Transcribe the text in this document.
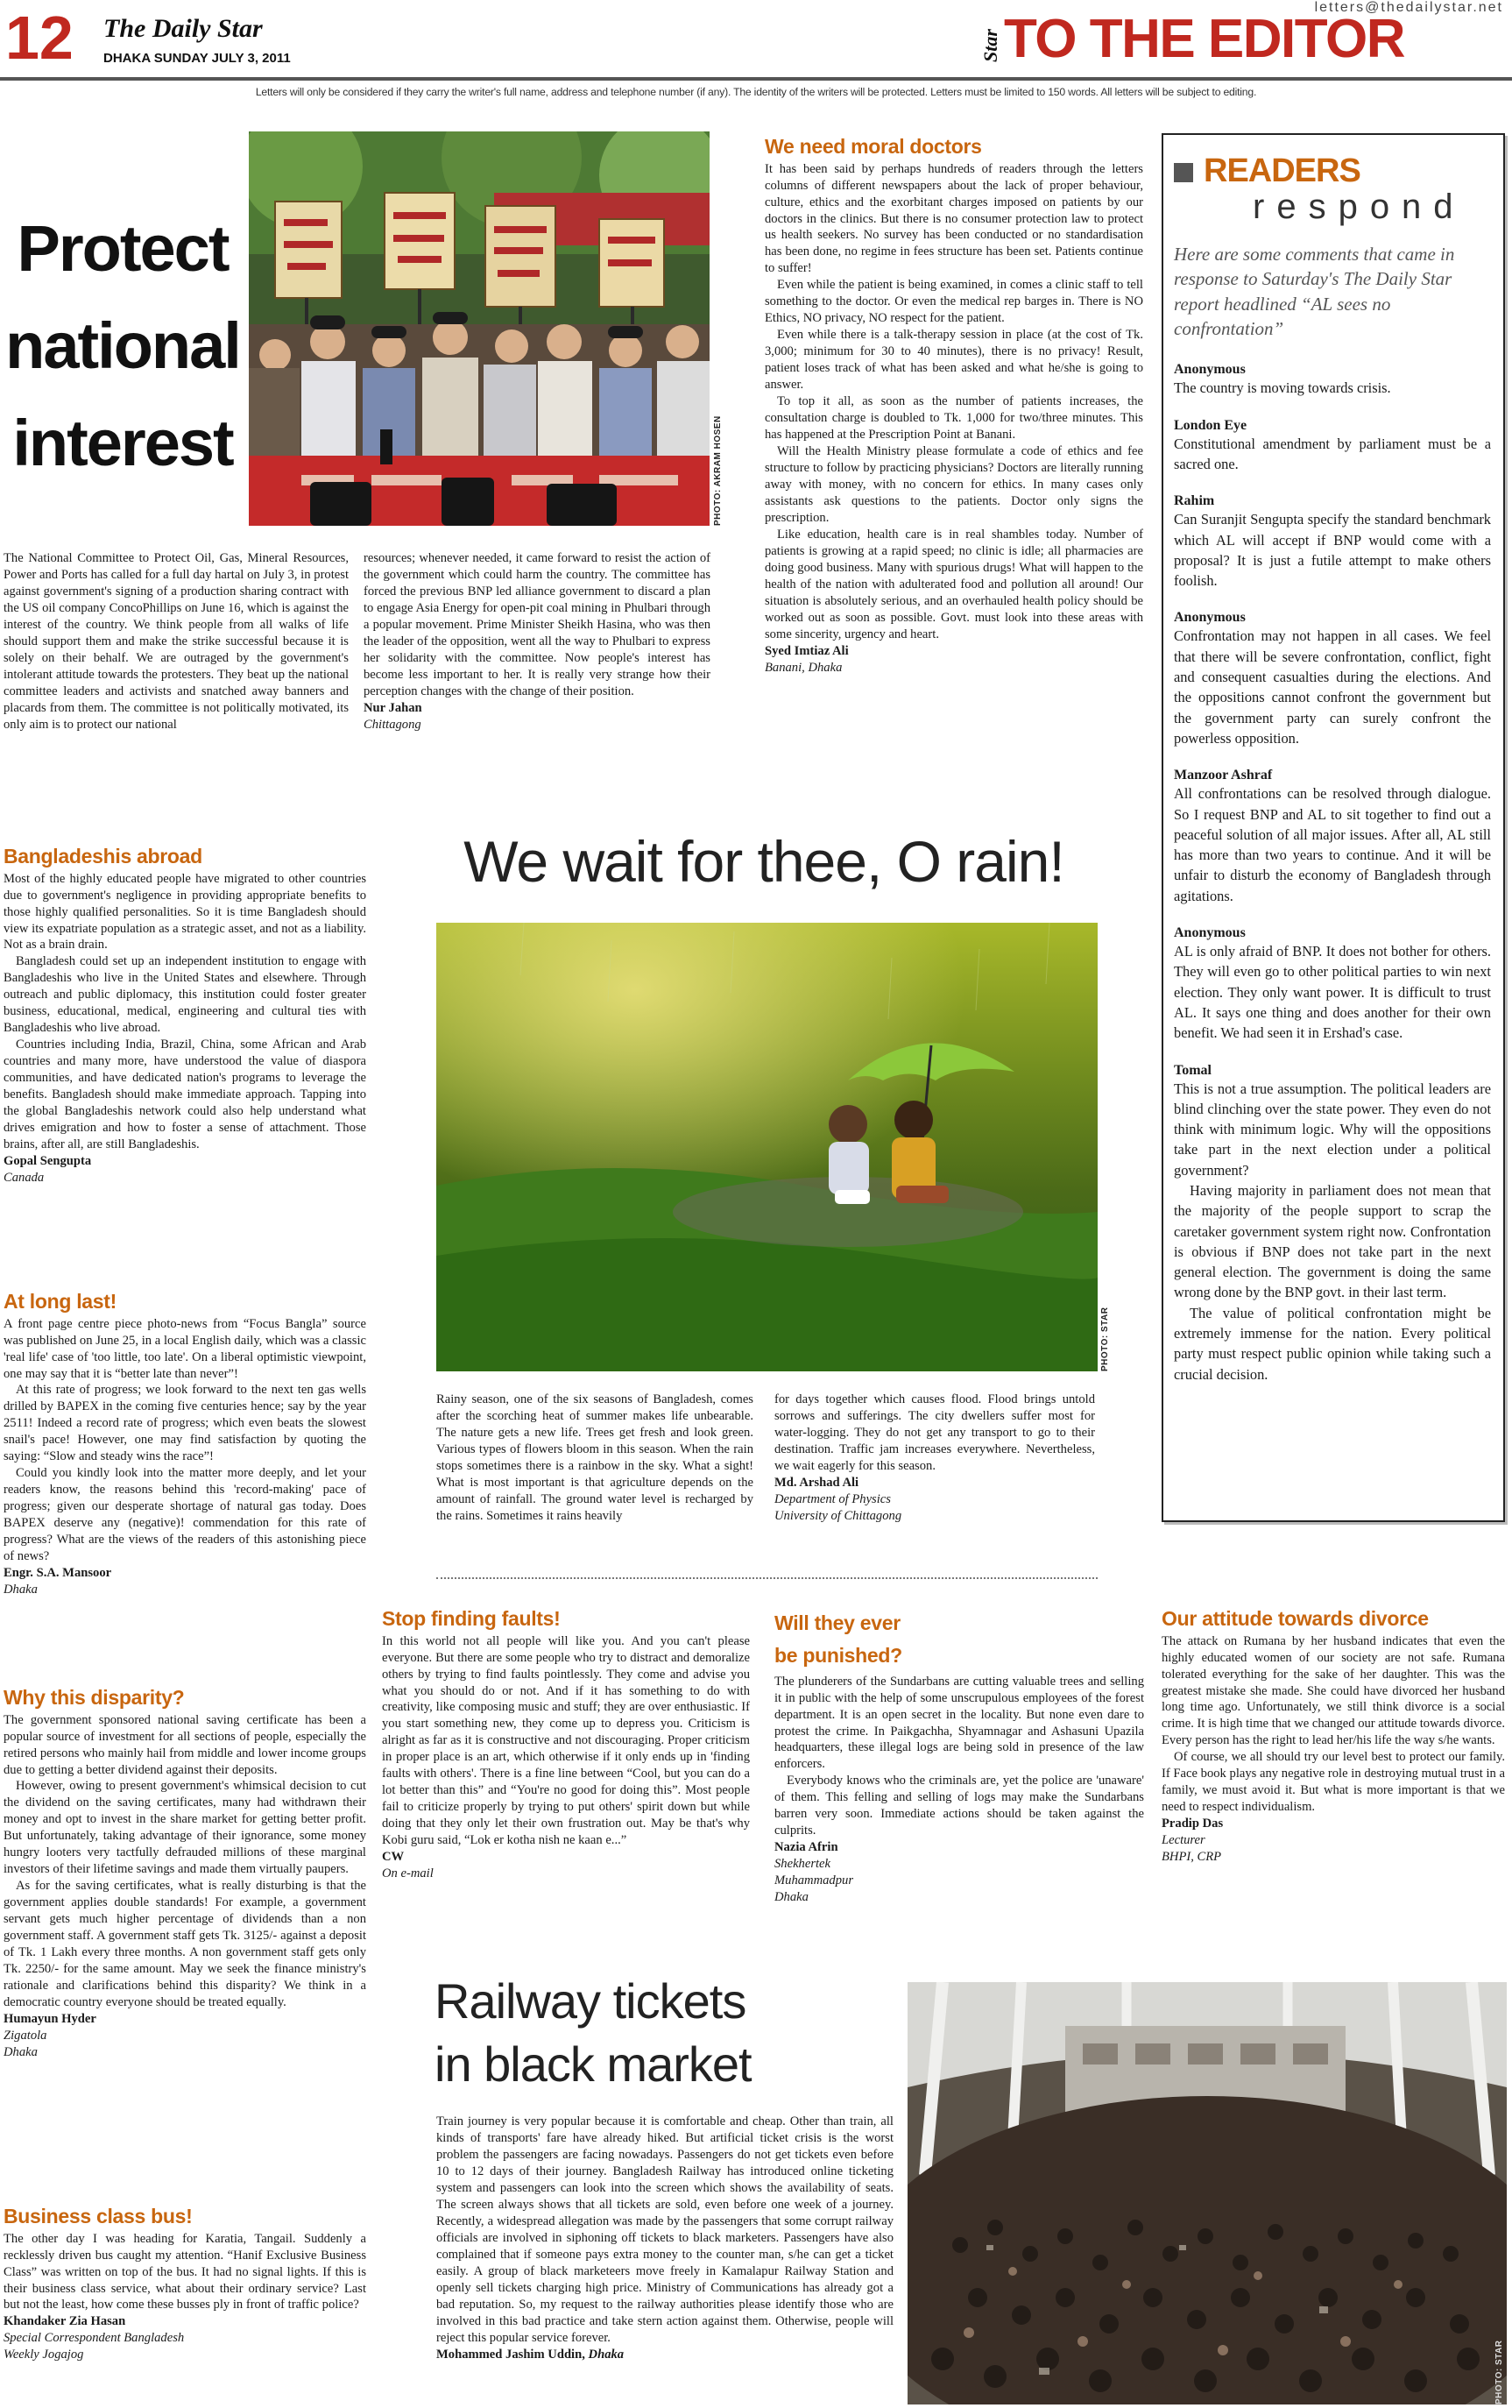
12 The Daily Star
DHAKA SUNDAY JULY 3, 2011
letters@thedailystar.net
Star TO THE EDITOR
Letters will only be considered if they carry the writer's full name, address and telephone number (if any). The identity of the writers will be protected. Letters must be limited to 150 words. All letters will be subject to editing.
Protect
national
interest	PHOTO: AKRAM HOSEN

The National Committee to Protect Oil, Gas, Mineral Resources, Power and Ports has called for a full day hartal on July 3, in protest against government's signing of a production sharing contract with the US oil company ConcoPhillips on June 16, which is against the interest of the country. We think people from all walks of life should support them and make the strike successful because it is solely on their behalf. We are outraged by the government's intolerant attitude towards the protesters. They beat up the national committee leaders and activists and snatched away banners and placards from them. The committee is not politically motivated, its only aim is to protect our national

resources; whenever needed, it came forward to resist the action of the government which could harm the country. The committee has forced the previous BNP led alliance government to discard a plan to engage Asia Energy for open-pit coal mining in Phulbari through a popular movement. Prime Minister Sheikh Hasina, who was then the leader of the opposition, went all the way to Phulbari to express her solidarity with the committee. Now people's interest has become less important to her. It is really very strange how their perception changes with the change of their position.

Nur Jahan
Chittagong
We need moral doctors

It has been said by perhaps hundreds of readers through the letters columns of different newspapers about the lack of proper behaviour, culture, ethics and the exorbitant charges imposed on patients by our doctors in the clinics. But there is no consumer protection law to protect us health seekers. No survey has been conducted or no standardisation has been done, no regime in fees structure has been set. Patients continue to suffer!

Even while the patient is being examined, in comes a clinic staff to tell something to the doctor. Or even the medical rep barges in. There is NO Ethics, NO privacy, NO respect for the patient.

Even while there is a talk-therapy session in place (at the cost of Tk. 3,000; minimum for 30 to 40 minutes), there is no privacy! Result, patient loses track of what has been asked and what he/she is going to answer.

To top it all, as soon as the number of patients increases, the consultation charge is doubled to Tk. 1,000 for two/three minutes. This has happened at the Prescription Point at Banani.

Will the Health Ministry please formulate a code of ethics and fee structure to follow by practicing physicians? Doctors are literally running away with money, with no concern for ethics. In many cases only assistants ask questions to the patients. Doctor only signs the prescription.

Like education, health care is in real shambles today. Number of patients is growing at a rapid speed; no clinic is idle; all pharmacies are doing good business. Many with spurious drugs! What will happen to the health of the nation with adulterated food and pollution all around! Our situation is absolutely serious, and an overhauled health policy should be worked out as soon as possible. Govt. must look into these areas with some sincerity, urgency and heart.

Syed Imtiaz Ali
Banani, Dhaka
READERS
respond
Here are some comments that came in response to Saturday's The Daily Star report headlined “AL sees no confrontation”
Anonymous
The country is moving towards crisis.
London Eye
Constitutional amendment by parliament must be a sacred one.
Rahim
Can Suranjit Sengupta specify the standard benchmark which AL will accept if BNP would come with a proposal? It is just a futile attempt to make others foolish.
Anonymous
Confrontation may not happen in all cases. We feel that there will be severe confrontation, conflict, fight and consequent casualties during the elections. And the oppositions cannot confront the government but the government party can surely confront the powerless opposition.
Manzoor Ashraf
All confrontations can be resolved through dialogue. So I request BNP and AL to sit together to find out a peaceful solution of all major issues. After all, AL still has more than two years to continue. And it will be unfair to disturb the economy of Bangladesh through agitations.
Anonymous
AL is only afraid of BNP. It does not bother for others. They will even go to other political parties to win next election. They only want power. It is difficult to trust AL. It says one thing and does another for their own benefit. We had seen it in Ershad's case.
Tomal

This is not a true assumption. The political leaders are blind clinching over the state power. They even do not think with minimum logic. Why will the oppositions take part in the next election under a political government?

Having majority in parliament does not mean that the majority of the people support to scrap the caretaker government system right now. Confrontation is obvious if BNP does not take part in the next general election. The government is doing the same wrong done by the BNP govt. in their last term.

The value of political confrontation might be extremely immense for the nation. Every political party must respect public opinion while taking such a crucial decision.

Bangladeshis abroad

Most of the highly educated people have migrated to other countries due to government's negligence in providing appropriate benefits to those highly qualified personalities. So it is time Bangladesh should view its expatriate population as a strategic asset, and not as a liability. Not as a brain drain.

Bangladesh could set up an independent institution to engage with Bangladeshis who live in the United States and elsewhere. Through outreach and public diplomacy, this institution could foster greater business, educational, medical, engineering and cultural ties with Bangladeshis who live abroad.

Countries including India, Brazil, China, some African and Arab countries and many more, have understood the value of diaspora communities, and have dedicated nation's programs to leverage the benefits. Bangladesh should make immediate approach. Tapping into the global Bangladeshis network could also help understand what drives emigration and how to foster a sense of attachment. Those brains, after all, are still Bangladeshis.

Gopal Sengupta
Canada
At long last!

A front page centre piece photo-news from “Focus Bangla” source was published on June 25, in a local English daily, which was a classic 'real life' case of 'too little, too late'. On a liberal optimistic viewpoint, one may say that it is “better late than never”!

At this rate of progress; we look forward to the next ten gas wells drilled by BAPEX in the coming five centuries hence; say by the year 2511! Indeed a record rate of progress; which even beats the slowest snail's pace! However, one may find satisfaction by quoting the saying: “Slow and steady wins the race”!

Could you kindly look into the matter more deeply, and let your readers know, the reasons behind this 'record-making' pace of progress; given our desperate shortage of natural gas today. Does BAPEX deserve any (negative)! commendation for this rate of progress? What are the views of the readers of this astonishing piece of news?

Engr. S.A. Mansoor
Dhaka
We wait for thee, O rain!
PHOTO: STAR

Rainy season, one of the six seasons of Bangladesh, comes after the scorching heat of summer makes life unbearable. The nature gets a new life. Trees get fresh and look green. Various types of flowers bloom in this season. When the rain stops sometimes there is a rainbow in the sky. What a sight! What is most important is that agriculture depends on the amount of rainfall. The ground water level is recharged by the rains. Sometimes it rains heavily

for days together which causes flood. Flood brings untold sorrows and sufferings. The city dwellers suffer most for water-logging. They do not get any transport to go to their destination. Traffic jam increases everywhere. Nevertheless, we wait eagerly for this season.

Md. Arshad Ali
Department of Physics
University of Chittagong
Why this disparity?

The government sponsored national saving certificate has been a popular source of investment for all sections of people, especially the retired persons who mainly hail from middle and lower income groups due to getting a better dividend against their deposits.

However, owing to present government's whimsical decision to cut the dividend on the saving certificates, many had withdrawn their money and opt to invest in the share market for getting better profit. But unfortunately, taking advantage of their ignorance, some money hungry looters very tactfully defrauded millions of these marginal investors of their lifetime savings and made them virtually paupers.

As for the saving certificates, what is really disturbing is that the government applies double standards! For example, a government servant gets much higher percentage of dividends than a non government staff. A government staff gets Tk. 3125/- against a deposit of Tk. 1 Lakh every three months. A non government staff gets only Tk. 2250/- for the same amount. May we seek the finance ministry's rationale and clarifications behind this disparity? We think in a democratic country everyone should be treated equally.

Humayun Hyder
Zigatola
Dhaka
Business class bus!

The other day I was heading for Karatia, Tangail. Suddenly a recklessly driven bus caught my attention. “Hanif Exclusive Business Class” was written on top of the bus. It had no signal lights. If this is their business class service, what about their ordinary service? Last but not the least, how come these busses ply in front of traffic police?

Khandaker Zia Hasan
Special Correspondent Bangladesh
Weekly Jogajog
Stop finding faults!

In this world not all people will like you. And you can't please everyone. But there are some people who try to distract and demoralize others by trying to find faults pointlessly. They come and advise you what you should do or not. And if it has something to do with creativity, like composing music and stuff; they are over enthusiastic. If you start something new, they come up to depress you. Criticism is alright as far as it is constructive and not discouraging. Proper criticism in proper place is an art, which otherwise if it only ends up in 'finding faults with others'. There is a fine line between “Cool, but you can do a lot better than this” and “You're no good for doing this”. Most people fail to criticize properly by trying to put others' spirit down but while doing that they only let their own frustration out. May be that's why Kobi guru said, “Lok er kotha nish ne kaan e...”

CW
On e-mail
Will they ever
be punished?

The plunderers of the Sundarbans are cutting valuable trees and selling it in public with the help of some unscrupulous employees of the forest department. It is an open secret in the locality. But none even dare to protest the crime. In Paikgachha, Shyamnagar and Ashasuni Upazila headquarters, these illegal logs are being sold in presence of the law enforcers.

Everybody knows who the criminals are, yet the police are 'unaware' of them. This felling and selling of logs may make the Sundarbans barren very soon. Immediate actions should be taken against the culprits.

Nazia Afrin
Shekhertek
Muhammadpur
Dhaka
Our attitude towards divorce

The attack on Rumana by her husband indicates that even the highly educated women of our society are not safe. Rumana tolerated everything for the sake of her daughter. This was the greatest mistake she made. She could have divorced her husband long time ago. Unfortunately, we still think divorce is a social crime. It is high time that we changed our attitude towards divorce. Every person has the right to lead her/his life the way s/he wants.

Of course, we all should try our level best to protect our family. If Face book plays any negative role in destroying mutual trust in a family, we must avoid it. But what is more important is that we need to respect individualism.

Pradip Das
Lecturer
BHPI, CRP
Railway tickets
in black market

Train journey is very popular because it is comfortable and cheap. Other than train, all kinds of transports' fare have already hiked. But artificial ticket crisis is the worst problem the passengers are facing nowadays. Passengers do not get tickets even before 10 to 12 days of their journey. Bangladesh Railway has introduced online ticketing system and passengers can look into the screen which shows the availability of seats. The screen always shows that all tickets are sold, even before one week of a journey. Recently, a widespread allegation was made by the passengers that some corrupt railway officials are involved in siphoning off tickets to black marketers. Passengers have also complained that if someone pays extra money to the counter man, s/he can get a ticket easily. A group of black marketeers move freely in Kamalapur Railway Station and openly sell tickets charging high price. Ministry of Communications has already got a bad reputation. So, my request to the railway authorities please identify those who are involved in this bad practice and take stern action against them. Otherwise, people will reject this popular service forever.

Mohammed Jashim Uddin, Dhaka	PHOTO: STAR
